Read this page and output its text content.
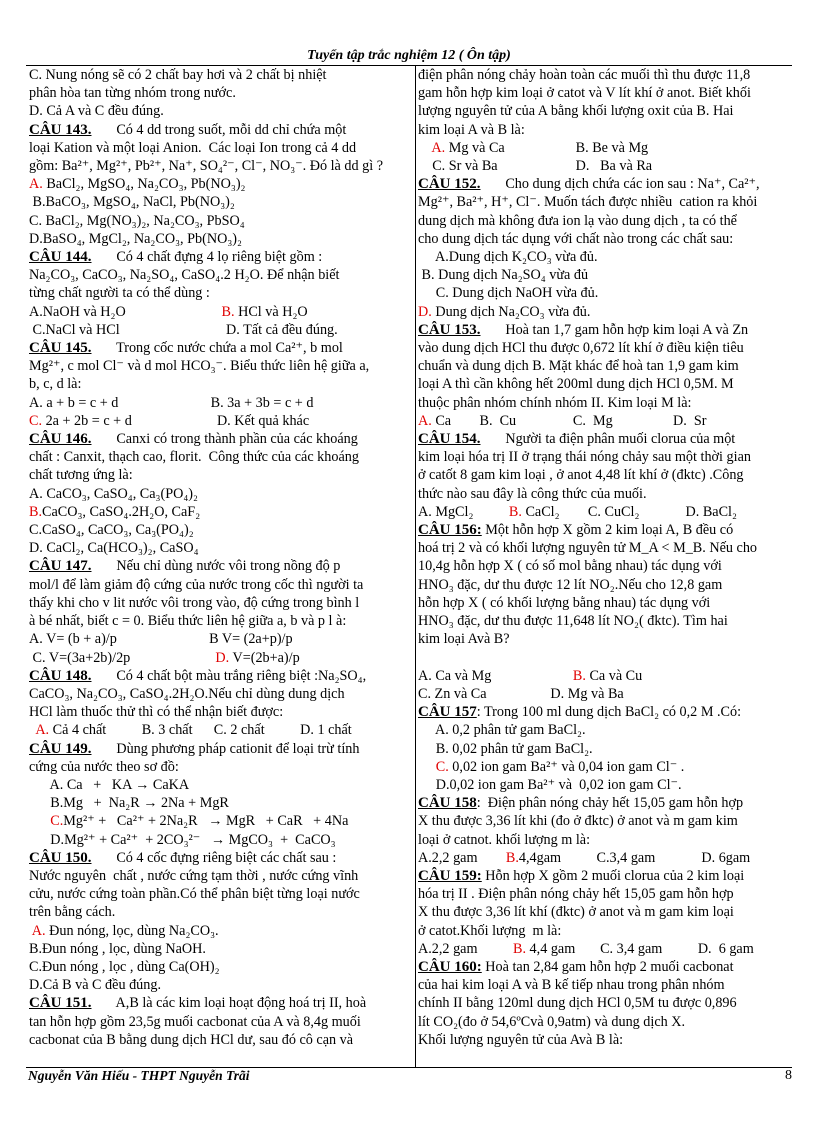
Tuyển tập trắc nghiệm 12 ( Ôn tập)

C. Nung nóng sẽ có 2 chất bay hơi và 2 chất bị nhiệt

phân hòa tan từng nhóm trong nước.

D. Cả A và C đều đúng.

CÂU 143.       Có 4 dd trong suốt, mỗi dd chỉ chứa một

loại Kation và một loại Anion.  Các loại Ion trong cả 4 dd

gồm: Ba²⁺, Mg²⁺, Pb²⁺, Na⁺, SO₄²⁻, Cl⁻, NO₃⁻. Đó là dd gì ?

A. BaCl₂, MgSO₄, Na₂CO₃, Pb(NO₃)₂

B.BaCO₃, MgSO₄, NaCl, Pb(NO₃)₂

C. BaCl₂, Mg(NO₃)₂, Na₂CO₃, PbSO₄

D.BaSO₄, MgCl₂, Na₂CO₃, Pb(NO₃)₂

CÂU 144.       Có 4 chất đựng 4 lọ riêng biệt gồm :

Na₂CO₃, CaCO₃, Na₂SO₄, CaSO₄.2 H₂O. Để nhận biết

từng chất người ta có thể dùng :

A.NaOH và H₂O                           B. HCl và H₂O

C.NaCl và HCl                              D. Tất cả đều đúng.

CÂU 145.       Trong cốc nước chứa a mol Ca²⁺, b mol

Mg²⁺, c mol Cl⁻ và d mol HCO₃⁻. Biểu thức liên hệ giữa a,

b, c, d là:

A. a + b = c + d                          B. 3a + 3b = c + d

C. 2a + 2b = c + d                        D. Kết quả khác

CÂU 146.       Canxi có trong thành phần của các khoáng

chất : Canxit, thạch cao, florit.  Công thức của các khoáng

chất tương ứng là:

A. CaCO₃, CaSO₄, Ca₃(PO₄)₂

B.CaCO₃, CaSO₄.2H₂O, CaF₂

C.CaSO₄, CaCO₃, Ca₃(PO₄)₂

D. CaCl₂, Ca(HCO₃)₂, CaSO₄

CÂU 147.       Nếu chỉ dùng nước vôi trong nồng độ p

mol/l để làm giảm độ cứng của nước trong cốc thì người ta

thấy khi cho v lit nước vôi trong vào, độ cứng trong bình l

à bé nhất, biết c = 0. Biểu thức liên hệ giữa a, b và p l à:

A. V= (b + a)/p                          B V= (2a+p)/p

C. V=(3a+2b)/2p                        D. V=(2b+a)/p

CÂU 148.       Có 4 chất bột màu trắng riêng biệt :Na₂SO₄,

CaCO₃, Na₂CO₃, CaSO₄.2H₂O.Nếu chỉ dùng dung dịch

HCl làm thuốc thử thì có thể nhận biết được:

A. Cả 4 chất          B. 3 chất      C. 2 chất          D. 1 chất

CÂU 149.       Dùng phương pháp cationit để loại trừ tính

cứng của nước theo sơ đồ:

A. Ca   +   KA → CaKA

B.Mg   +  Na₂R → 2Na + MgR

C.Mg²⁺ +   Ca²⁺ + 2Na₂R   → MgR   + CaR   + 4Na

D.Mg²⁺ + Ca²⁺  + 2CO₃²⁻   → MgCO₃  +  CaCO₃

CÂU 150.       Có 4 cốc đựng riêng biệt các chất sau :

Nước nguyên  chất , nước cứng tạm thời , nước cứng vĩnh

cửu, nước cứng toàn phần.Có thể phân biệt từng loại nước

trên bằng cách.

A. Đun nóng, lọc, dùng Na₂CO₃.

B.Đun nóng , lọc, dùng NaOH.

C.Đun nóng , lọc , dùng Ca(OH)₂

D.Cả B và C đều đúng.

CÂU 151.       A,B là các kim loại hoạt động hoá trị II, hoà

tan hỗn hợp gồm 23,5g muối cacbonat của A và 8,4g muối

cacbonat của B bằng dung dịch HCl dư, sau đó cô cạn và

điện phân nóng chảy hoàn toàn các muối thì thu được 11,8

gam hỗn hợp kim loại ở catot và V lít khí ở anot. Biết khối

lượng nguyên tử của A bằng khối lượng oxit của B. Hai

kim loại A và B là:

A. Mg và Ca                    B. Be và Mg

C. Sr và Ba                      D.   Ba và Ra

CÂU 152.       Cho dung dịch chứa các ion sau : Na⁺, Ca²⁺,

Mg²⁺, Ba²⁺, H⁺, Cl⁻. Muốn tách được nhiều  cation ra khỏi

dung dịch mà không đưa ion lạ vào dung dịch , ta có thể

cho dung dịch tác dụng với chất nào trong các chất sau:

A.Dung dịch K₂CO₃ vừa đủ.

B. Dung dịch Na₂SO₄ vừa đủ

C. Dung dịch NaOH vừa đủ.

D. Dung dịch Na₂CO₃ vừa đủ.

CÂU 153.       Hoà tan 1,7 gam hỗn hợp kim loại A và Zn

vào dung dịch HCl thu được 0,672 lít khí ở điều kiện tiêu

chuẩn và dung dịch B. Mặt khác để hoà tan 1,9 gam kim

loại A thì cần không hết 200ml dung dịch HCl 0,5M. M

thuộc phân nhóm chính nhóm II. Kim loại M là:

A. Ca        B.  Cu                C.  Mg                 D.  Sr

CÂU 154.       Người ta điện phân muối clorua của một

kim loại hóa trị II ở trạng thái nóng chảy sau một thời gian

ở catốt 8 gam kim loại , ở anot 4,48 lít khí ở (đktc) .Công

thức nào sau đây là công thức của muối.

A. MgCl₂          B. CaCl₂        C. CuCl₂             D. BaCl₂

CÂU 156: Một hỗn hợp X gồm 2 kim loại A, B đều có

hoá trị 2 và có khối lượng nguyên tử M_A < M_B. Nếu cho

10,4g hỗn hợp X ( có số mol bằng nhau) tác dụng với

HNO₃ đặc, dư thu được 12 lít NO₂.Nếu cho 12,8 gam

hỗn hợp X ( có khối lượng bằng nhau) tác dụng với

HNO₃ đặc, dư thu được 11,648 lít NO₂( đktc). Tìm hai

kim loại Avà B?

A. Ca và Mg                       B. Ca và Cu

C. Zn và Ca                  D. Mg và Ba

CÂU 157: Trong 100 ml dung dịch BaCl₂ có 0,2 M .Có:

A. 0,2 phân tử gam BaCl₂.

B. 0,02 phân tử gam BaCl₂.

C. 0,02 ion gam Ba²⁺ và 0,04 ion gam Cl⁻ .

D.0,02 ion gam Ba²⁺ và  0,02 ion gam Cl⁻.

CÂU 158:  Điện phân nóng chảy hết 15,05 gam hỗn hợp

X thu được 3,36 lít khi (đo ở đktc) ở anot và m gam kim

loại ở catnot. khối lượng m là:

A.2,2 gam        B.4,4gam          C.3,4 gam             D. 6gam

CÂU 159: Hỗn hợp X gồm 2 muối clorua của 2 kim loại

hóa trị II . Điện phân nóng chảy hết 15,05 gam hỗn hợp

X thu được 3,36 lít khí (đktc) ở anot và m gam kim loại

ở catot.Khối lượng  m là:

A.2,2 gam          B. 4,4 gam       C. 3,4 gam          D.  6 gam

CÂU 160: Hoà tan 2,84 gam hỗn hợp 2 muối cacbonat

của hai kim loại A và B kế tiếp nhau trong phân nhóm

chính II bằng 120ml dung dịch HCl 0,5M tu được 0,896

lít CO₂(đo ở 54,6ºCvà 0,9atm) và dung dịch X.

Khối lượng nguyên tử của Avà B là:

Nguyễn Văn Hiếu - THPT Nguyễn Trãi	8
